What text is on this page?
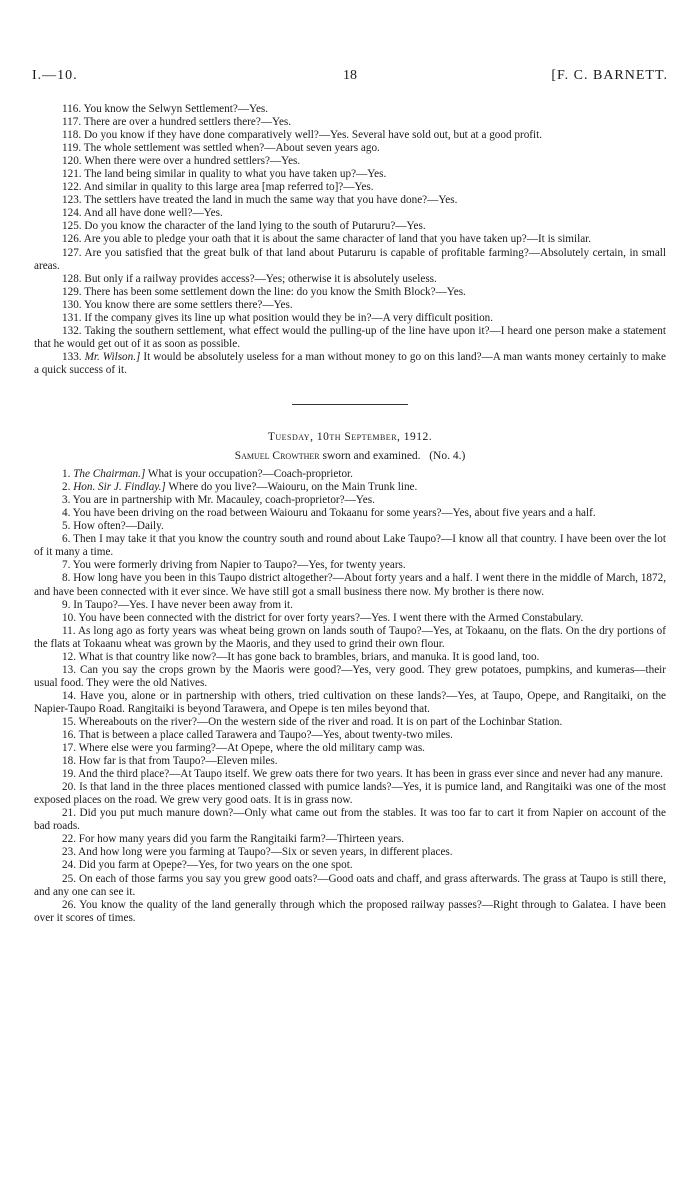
I.—10.	18	[F. C. BARNETT.

116. You know the Selwyn Settlement?—Yes.

117. There are over a hundred settlers there?—Yes.

118. Do you know if they have done comparatively well?—Yes. Several have sold out, but at a good profit.

119. The whole settlement was settled when?—About seven years ago.

120. When there were over a hundred settlers?—Yes.

121. The land being similar in quality to what you have taken up?—Yes.

122. And similar in quality to this large area [map referred to]?—Yes.

123. The settlers have treated the land in much the same way that you have done?—Yes.

124. And all have done well?—Yes.

125. Do you know the character of the land lying to the south of Putaruru?—Yes.

126. Are you able to pledge your oath that it is about the same character of land that you have taken up?—It is similar.

127. Are you satisfied that the great bulk of that land about Putaruru is capable of profitable farming?—Absolutely certain, in small areas.

128. But only if a railway provides access?—Yes; otherwise it is absolutely useless.

129. There has been some settlement down the line: do you know the Smith Block?—Yes.

130. You know there are some settlers there?—Yes.

131. If the company gives its line up what position would they be in?—A very difficult position.

132. Taking the southern settlement, what effect would the pulling-up of the line have upon it?—I heard one person make a statement that he would get out of it as soon as possible.

133. Mr. Wilson.] It would be absolutely useless for a man without money to go on this land?—A man wants money certainly to make a quick success of it.

Tuesday, 10th September, 1912.

Samuel Crowther sworn and examined. (No. 4.)

1. The Chairman.] What is your occupation?—Coach-proprietor.

2. Hon. Sir J. Findlay.] Where do you live?—Waiouru, on the Main Trunk line.

3. You are in partnership with Mr. Macauley, coach-proprietor?—Yes.

4. You have been driving on the road between Waiouru and Tokaanu for some years?—Yes, about five years and a half.

5. How often?—Daily.

6. Then I may take it that you know the country south and round about Lake Taupo?—I know all that country. I have been over the lot of it many a time.

7. You were formerly driving from Napier to Taupo?—Yes, for twenty years.

8. How long have you been in this Taupo district altogether?—About forty years and a half. I went there in the middle of March, 1872, and have been connected with it ever since. We have still got a small business there now. My brother is there now.

9. In Taupo?—Yes. I have never been away from it.

10. You have been connected with the district for over forty years?—Yes. I went there with the Armed Constabulary.

11. As long ago as forty years was wheat being grown on lands south of Taupo?—Yes, at Tokaanu, on the flats. On the dry portions of the flats at Tokaanu wheat was grown by the Maoris, and they used to grind their own flour.

12. What is that country like now?—It has gone back to brambles, briars, and manuka. It is good land, too.

13. Can you say the crops grown by the Maoris were good?—Yes, very good. They grew potatoes, pumpkins, and kumeras—their usual food. They were the old Natives.

14. Have you, alone or in partnership with others, tried cultivation on these lands?—Yes, at Taupo, Opepe, and Rangitaiki, on the Napier-Taupo Road. Rangitaiki is beyond Tarawera, and Opepe is ten miles beyond that.

15. Whereabouts on the river?—On the western side of the river and road. It is on part of the Lochinbar Station.

16. That is between a place called Tarawera and Taupo?—Yes, about twenty-two miles.

17. Where else were you farming?—At Opepe, where the old military camp was.

18. How far is that from Taupo?—Eleven miles.

19. And the third place?—At Taupo itself. We grew oats there for two years. It has been in grass ever since and never had any manure.

20. Is that land in the three places mentioned classed with pumice lands?—Yes, it is pumice land, and Rangitaiki was one of the most exposed places on the road. We grew very good oats. It is in grass now.

21. Did you put much manure down?—Only what came out from the stables. It was too far to cart it from Napier on account of the bad roads.

22. For how many years did you farm the Rangitaiki farm?—Thirteen years.

23. And how long were you farming at Taupo?—Six or seven years, in different places.

24. Did you farm at Opepe?—Yes, for two years on the one spot.

25. On each of those farms you say you grew good oats?—Good oats and chaff, and grass afterwards. The grass at Taupo is still there, and any one can see it.

26. You know the quality of the land generally through which the proposed railway passes?—Right through to Galatea. I have been over it scores of times.
